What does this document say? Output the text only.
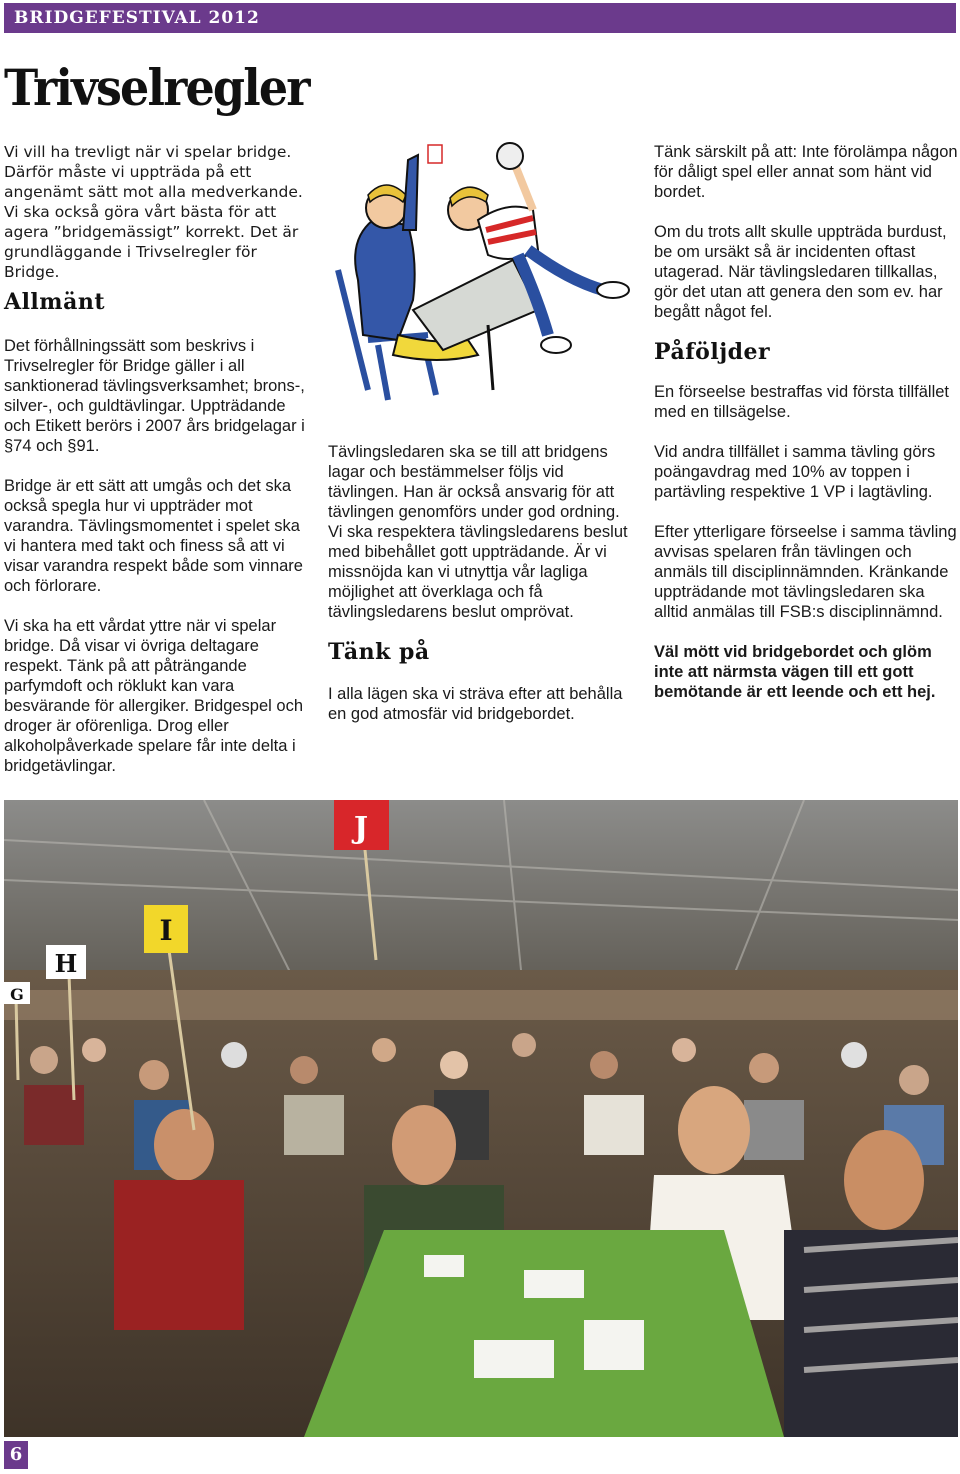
BRIDGEFESTIVAL 2012
Trivselregler

Vi vill ha trevligt när vi spelar bridge. Därför måste vi uppträda på ett angenämt sätt mot alla medverkande. Vi ska också göra vårt bästa för att agera ”bridgemässigt” korrekt. Det är grundläggande i Trivselregler för Bridge.

Allmänt

Det förhållningssätt som beskrivs i Trivselregler för Bridge gäller i all sanktionerad tävlingsverksamhet; brons-, silver-, och guldtävlingar. Uppträdande och Etikett berörs i 2007 års bridgelagar i §74 och §91.

Bridge är ett sätt att umgås och det ska också spegla hur vi uppträder mot varandra. Tävlingsmomentet i spelet ska vi hantera med takt och finess så att vi visar varandra respekt både som vinnare och förlorare.

Vi ska ha ett vårdat yttre när vi spelar bridge. Då visar vi övriga deltagare respekt. Tänk på att påträngande parfymdoft och röklukt kan vara besvärande för allergiker. Bridgespel och droger är oförenliga. Drog eller alkoholpåverkade spelare får inte delta i bridgetävlingar.

Tävlingsledaren ska se till att bridgens lagar och bestämmelser följs vid tävlingen. Han är också ansvarig för att tävlingen genomförs under god ordning. Vi ska respektera tävlingsledarens beslut med bibehållet gott uppträdande. Är vi missnöjda kan vi utnyttja vår lagliga möjlighet att överklaga och få tävlingsledarens beslut omprövat.

Tänk på

I alla lägen ska vi sträva efter att behålla en god atmosfär vid bridgebordet.

Tänk särskilt på att: Inte förolämpa någon för dåligt spel eller annat som hänt vid bordet.

Om du trots allt skulle uppträda burdust, be om ursäkt så är incidenten oftast utagerad. När tävlingsledaren tillkallas, gör det utan att genera den som ev. har begått något fel.

Påföljder

En förseelse bestraffas vid första tillfället med en tillsägelse.

Vid andra tillfället i samma tävling görs poängavdrag med 10% av toppen i partävling respektive 1 VP i lagtävling.

Efter ytterligare förseelse i samma tävling avvisas spelaren från tävlingen och anmäls till disciplinnämnden. Kränkande uppträdande mot tävlingsledaren ska alltid anmälas till FSB:s disciplinnämnd.

Väl mött vid bridgebordet och glöm inte att närmsta vägen till ett gott bemötande är ett leende och ett hej.

J
I
H
G
6
